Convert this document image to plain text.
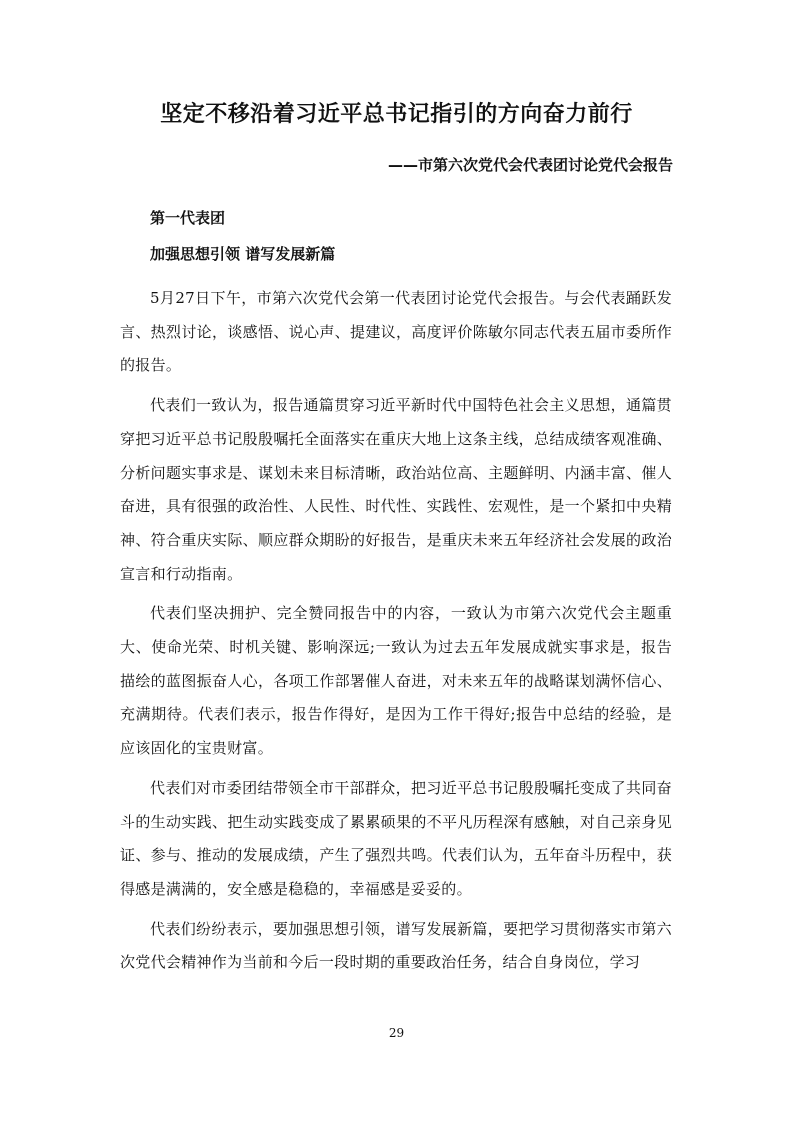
坚定不移沿着习近平总书记指引的方向奋力前行
——市第六次党代会代表团讨论党代会报告
第一代表团
加强思想引领 谱写发展新篇

5月27日下午，市第六次党代会第一代表团讨论党代会报告。与会代表踊跃发言、热烈讨论，谈感悟、说心声、提建议，高度评价陈敏尔同志代表五届市委所作的报告。

代表们一致认为，报告通篇贯穿习近平新时代中国特色社会主义思想，通篇贯穿把习近平总书记殷殷嘱托全面落实在重庆大地上这条主线，总结成绩客观准确、分析问题实事求是、谋划未来目标清晰，政治站位高、主题鲜明、内涵丰富、催人奋进，具有很强的政治性、人民性、时代性、实践性、宏观性，是一个紧扣中央精神、符合重庆实际、顺应群众期盼的好报告，是重庆未来五年经济社会发展的政治宣言和行动指南。

代表们坚决拥护、完全赞同报告中的内容，一致认为市第六次党代会主题重大、使命光荣、时机关键、影响深远;一致认为过去五年发展成就实事求是，报告描绘的蓝图振奋人心，各项工作部署催人奋进，对未来五年的战略谋划满怀信心、充满期待。代表们表示，报告作得好，是因为工作干得好;报告中总结的经验，是应该固化的宝贵财富。

代表们对市委团结带领全市干部群众，把习近平总书记殷殷嘱托变成了共同奋斗的生动实践、把生动实践变成了累累硕果的不平凡历程深有感触，对自己亲身见证、参与、推动的发展成绩，产生了强烈共鸣。代表们认为，五年奋斗历程中，获得感是满满的，安全感是稳稳的，幸福感是妥妥的。

代表们纷纷表示，要加强思想引领，谱写发展新篇，要把学习贯彻落实市第六次党代会精神作为当前和今后一段时期的重要政治任务，结合自身岗位，学习

29
